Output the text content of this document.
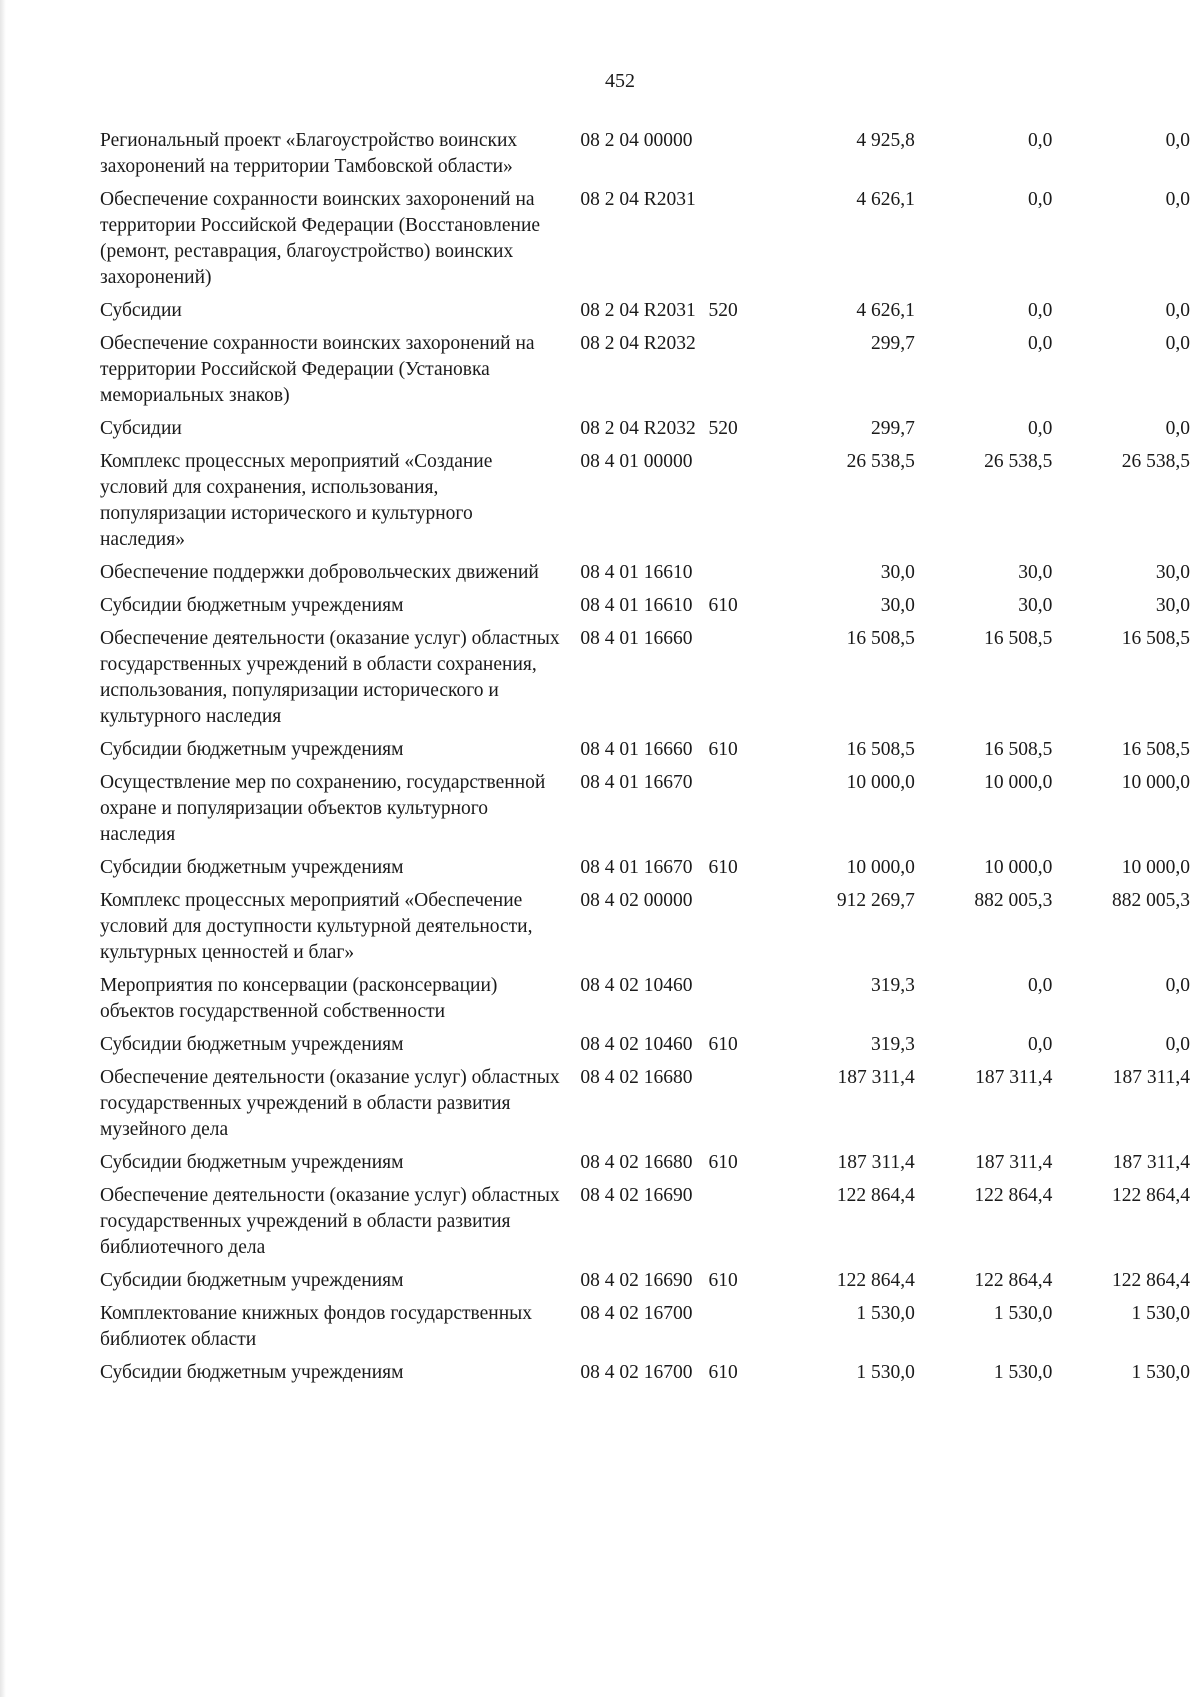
452
Региональный проект «Благоустройство воинских захоронений на территории Тамбовской области»	08 2 04 00000		4 925,8	0,0	0,0
Обеспечение сохранности воинских захоронений на территории Российской Федерации (Восстановление (ремонт, реставрация, благоустройство) воинских захоронений)	08 2 04 R2031		4 626,1	0,0	0,0
Субсидии	08 2 04 R2031	520	4 626,1	0,0	0,0
Обеспечение сохранности воинских захоронений на территории Российской Федерации (Установка мемориальных знаков)	08 2 04 R2032		299,7	0,0	0,0
Субсидии	08 2 04 R2032	520	299,7	0,0	0,0
Комплекс процессных мероприятий «Создание условий для сохранения, использования, популяризации исторического и культурного наследия»	08 4 01 00000		26 538,5	26 538,5	26 538,5
Обеспечение поддержки добровольческих движений	08 4 01 16610		30,0	30,0	30,0
Субсидии бюджетным учреждениям	08 4 01 16610	610	30,0	30,0	30,0
Обеспечение деятельности (оказание услуг) областных государственных учреждений в области сохранения, использования, популяризации исторического и культурного наследия	08 4 01 16660		16 508,5	16 508,5	16 508,5
Субсидии бюджетным учреждениям	08 4 01 16660	610	16 508,5	16 508,5	16 508,5
Осуществление мер по сохранению, государственной охране и популяризации объектов культурного наследия	08 4 01 16670		10 000,0	10 000,0	10 000,0
Субсидии бюджетным учреждениям	08 4 01 16670	610	10 000,0	10 000,0	10 000,0
Комплекс процессных мероприятий «Обеспечение условий для доступности культурной деятельности, культурных ценностей и благ»	08 4 02 00000		912 269,7	882 005,3	882 005,3
Мероприятия по консервации (расконсервации) объектов государственной собственности	08 4 02 10460		319,3	0,0	0,0
Субсидии бюджетным учреждениям	08 4 02 10460	610	319,3	0,0	0,0
Обеспечение деятельности (оказание услуг) областных государственных учреждений в области развития музейного дела	08 4 02 16680		187 311,4	187 311,4	187 311,4
Субсидии бюджетным учреждениям	08 4 02 16680	610	187 311,4	187 311,4	187 311,4
Обеспечение деятельности (оказание услуг) областных государственных учреждений в области развития библиотечного дела	08 4 02 16690		122 864,4	122 864,4	122 864,4
Субсидии бюджетным учреждениям	08 4 02 16690	610	122 864,4	122 864,4	122 864,4
Комплектование книжных фондов государственных библиотек области	08 4 02 16700		1 530,0	1 530,0	1 530,0
Субсидии бюджетным учреждениям	08 4 02 16700	610	1 530,0	1 530,0	1 530,0
